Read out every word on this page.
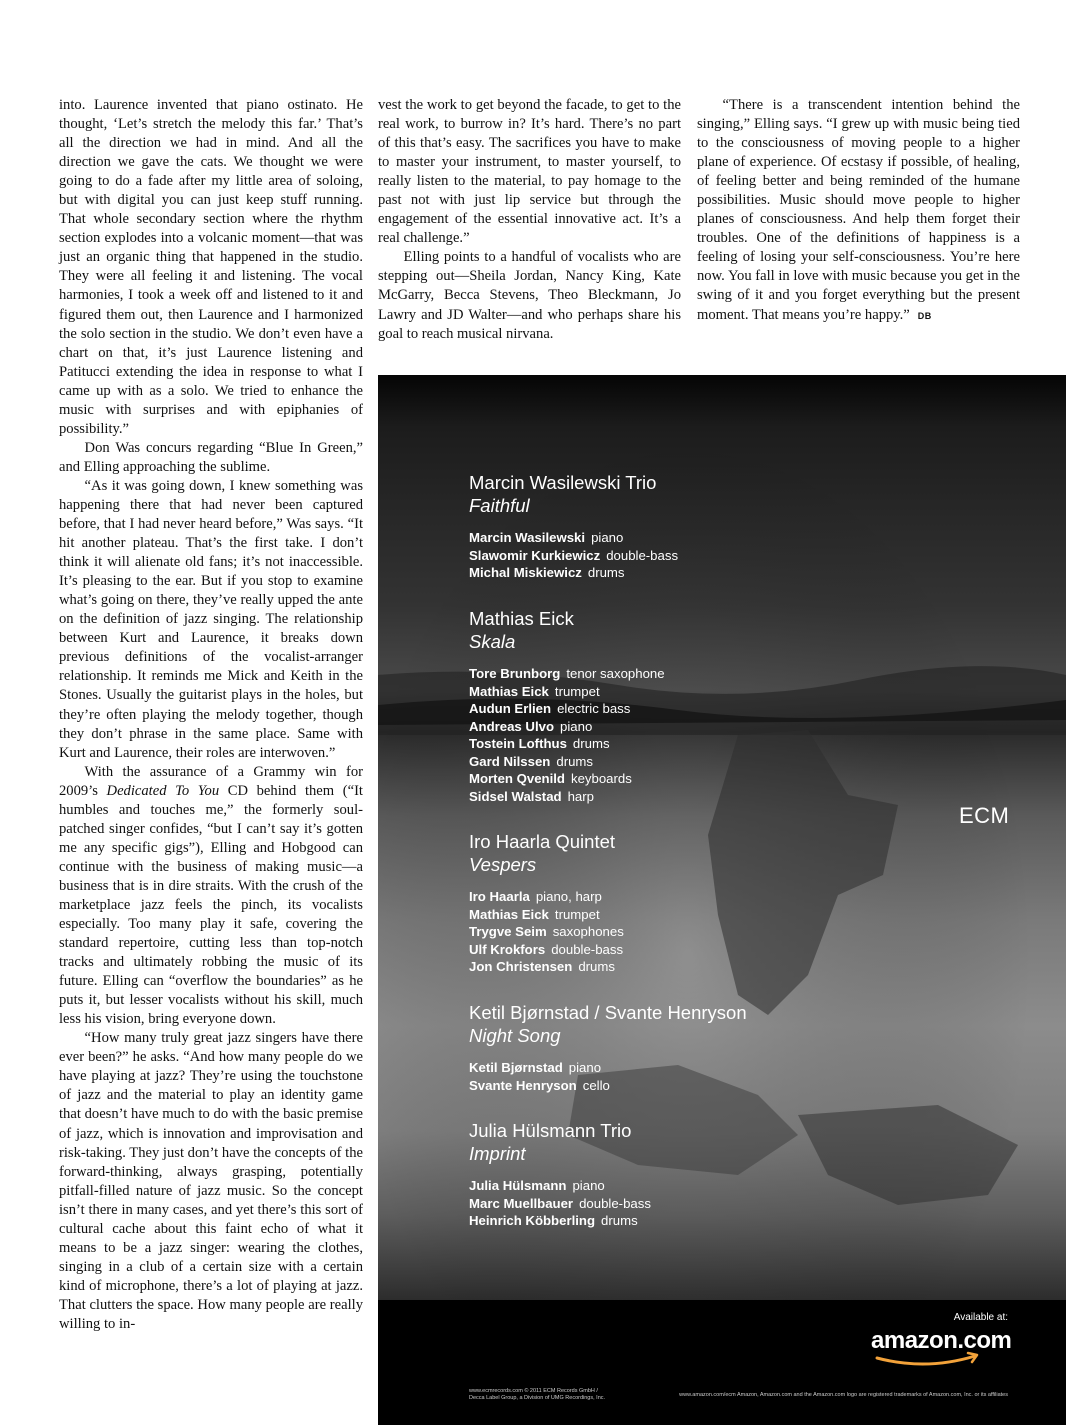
into. Laurence invented that piano ostinato. He thought, ‘Let’s stretch the melody this far.’ That’s all the direction we had in mind. And all the direction we gave the cats. We thought we were going to do a fade after my little area of soloing, but with digital you can just keep stuff running. That whole secondary section where the rhythm section explodes into a volcanic moment—that was just an organic thing that happened in the studio. They were all feeling it and listening. The vocal harmonies, I took a week off and listened to it and figured them out, then Laurence and I harmonized the solo section in the studio. We don’t even have a chart on that, it’s just Laurence listening and Patitucci extending the idea in response to what I came up with as a solo. We tried to enhance the music with surprises and with epiphanies of possibility.”

Don Was concurs regarding “Blue In Green,” and Elling approaching the sublime.

“As it was going down, I knew something was happening there that had never been captured before, that I had never heard before,” Was says. “It hit another plateau. That’s the first take. I don’t think it will alienate old fans; it’s not inaccessible. It’s pleasing to the ear. But if you stop to examine what’s going on there, they’ve really upped the ante on the definition of jazz singing. The relationship between Kurt and Laurence, it breaks down previous definitions of the vocalist-arranger relationship. It reminds me Mick and Keith in the Stones. Usually the guitarist plays in the holes, but they’re often playing the melody together, though they don’t phrase in the same place. Same with Kurt and Laurence, their roles are interwoven.”

With the assurance of a Grammy win for 2009’s Dedicated To You CD behind them (“It humbles and touches me,” the formerly soul-patched singer confides, “but I can’t say it’s gotten me any specific gigs”), Elling and Hobgood can continue with the business of making music—a business that is in dire straits. With the crush of the marketplace jazz feels the pinch, its vocalists especially. Too many play it safe, covering the standard repertoire, cutting less than top-notch tracks and ultimately robbing the music of its future. Elling can “overflow the boundaries” as he puts it, but lesser vocalists without his skill, much less his vision, bring everyone down.

“How many truly great jazz singers have there ever been?” he asks. “And how many people do we have playing at jazz? They’re using the touchstone of jazz and the material to play an identity game that doesn’t have much to do with the basic premise of jazz, which is innovation and improvisation and risk-taking. They just don’t have the concepts of the forward-thinking, always grasping, potentially pitfall-filled nature of jazz music. So the concept isn’t there in many cases, and yet there’s this sort of cultural cache about this faint echo of what it means to be a jazz singer: wearing the clothes, singing in a club of a certain size with a certain kind of microphone, there’s a lot of playing at jazz. That clutters the space. How many people are really willing to in-

vest the work to get beyond the facade, to get to the real work, to burrow in? It’s hard. There’s no part of this that’s easy. The sacrifices you have to make to master your instrument, to master yourself, to really listen to the material, to pay homage to the past not with just lip service but through the engagement of the essential innovative act. It’s a real challenge.”

Elling points to a handful of vocalists who are stepping out—Sheila Jordan, Nancy King, Kate McGarry, Becca Stevens, Theo Bleckmann, Jo Lawry and JD Walter—and who perhaps share his goal to reach musical nirvana.

“There is a transcendent intention behind the singing,” Elling says. “I grew up with music being tied to the consciousness of moving people to a higher plane of experience. Of ecstasy if possible, of healing, of feeling better and being reminded of the humane possibilities. Music should move people to higher planes of consciousness. And help them forget their troubles. One of the definitions of happiness is a feeling of losing your self-consciousness. You’re here now. You fall in love with music because you get in the swing of it and you forget everything but the present moment. That means you’re happy.” DB

Marcin Wasilewski Trio
Faithful
Marcin Wasilewski piano
Slawomir Kurkiewicz double-bass
Michal Miskiewicz drums
Mathias Eick
Skala
Tore Brunborg tenor saxophone
Mathias Eick trumpet
Audun Erlien electric bass
Andreas Ulvo piano
Tostein Lofthus drums
Gard Nilssen drums
Morten Qvenild keyboards
Sidsel Walstad harp
Iro Haarla Quintet
Vespers
Iro Haarla piano, harp
Mathias Eick trumpet
Trygve Seim saxophones
Ulf Krokfors double-bass
Jon Christensen drums
Ketil Bjørnstad / Svante Henryson
Night Song
Ketil Bjørnstad piano
Svante Henryson cello
Julia Hülsmann Trio
Imprint
Julia Hülsmann piano
Marc Muellbauer double-bass
Heinrich Köbberling drums
ECM
Available at:
amazon.com
www.ecmrecords.com © 2011 ECM Records GmbH /
Decca Label Group, a Division of UMG Recordings, Inc.	www.amazon.com/ecm Amazon, Amazon.com and the Amazon.com logo are registered trademarks of Amazon.com, Inc. or its affiliates
